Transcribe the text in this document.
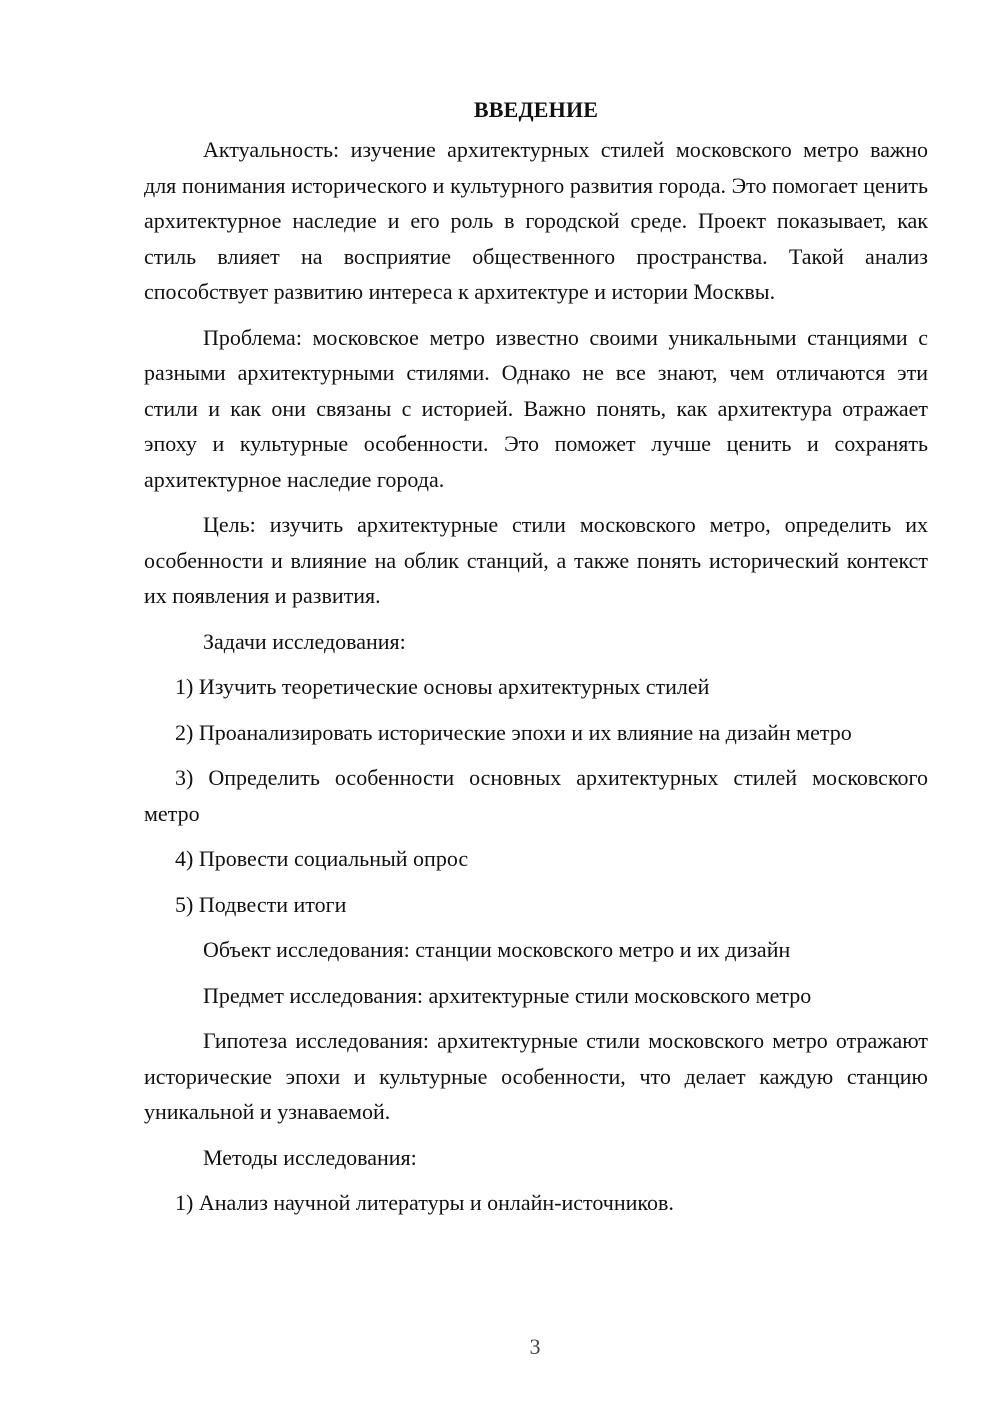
ВВЕДЕНИЕ

Актуальность: изучение архитектурных стилей московского метро важно для понимания исторического и культурного развития города. Это помогает ценить архитектурное наследие и его роль в городской среде. Проект показывает, как стиль влияет на восприятие общественного пространства. Такой анализ способствует развитию интереса к архитектуре и истории Москвы.

Проблема: московское метро известно своими уникальными станциями с разными архитектурными стилями. Однако не все знают, чем отличаются эти стили и как они связаны с историей. Важно понять, как архитектура отражает эпоху и культурные особенности. Это поможет лучше ценить и сохранять архитектурное наследие города.

Цель: изучить архитектурные стили московского метро, определить их особенности и влияние на облик станций, а также понять исторический контекст их появления и развития.

Задачи исследования:

1) Изучить теоретические основы архитектурных стилей

2) Проанализировать исторические эпохи и их влияние на дизайн метро

3) Определить особенности основных архитектурных стилей московского метро

4) Провести социальный опрос

5) Подвести итоги

Объект исследования: станции московского метро и их дизайн

Предмет исследования: архитектурные стили московского метро

Гипотеза исследования: архитектурные стили московского метро отражают исторические эпохи и культурные особенности, что делает каждую станцию уникальной и узнаваемой.

Методы исследования:

1) Анализ научной литературы и онлайн-источников.

3
